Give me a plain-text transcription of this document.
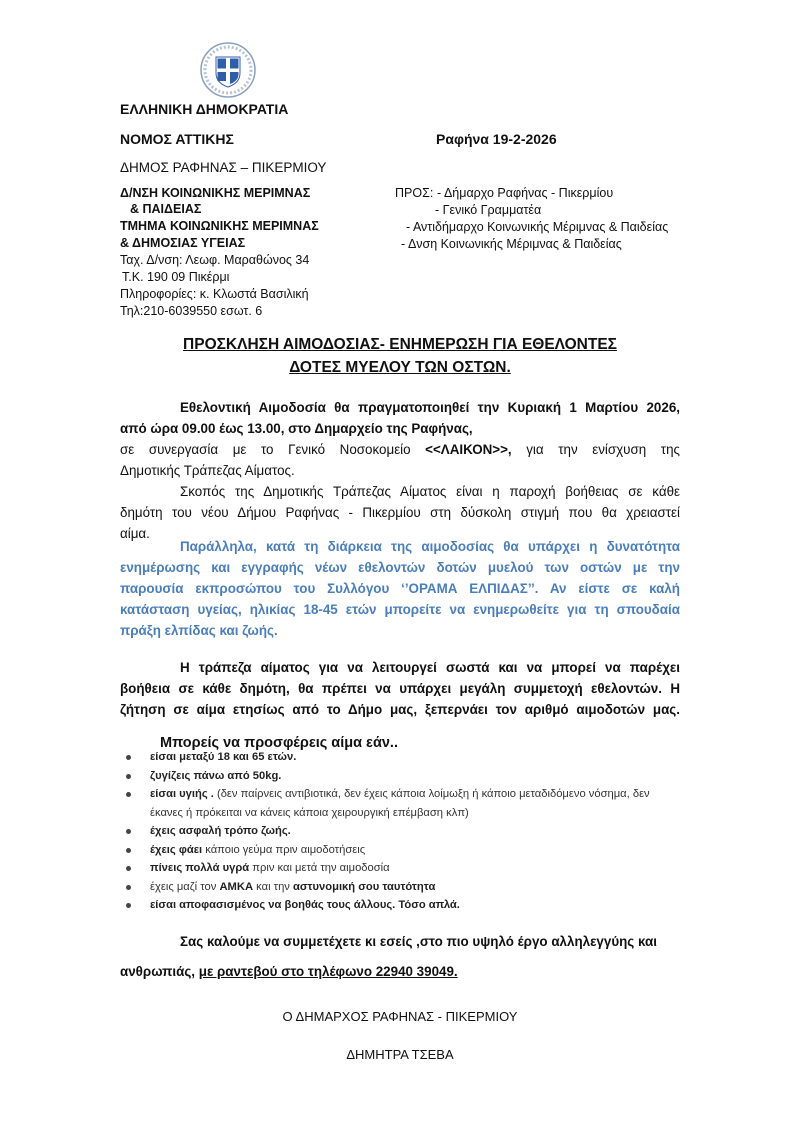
ΕΛΛΗΝΙΚΗ ΔΗΜΟΚΡΑΤΙΑ
ΝΟΜΟΣ ΑΤΤΙΚΗΣ
ΔΗΜΟΣ ΡΑΦΗΝΑΣ – ΠΙΚΕΡΜΙΟΥ
Ραφήνα 19-2-2026
Δ/ΝΣΗ ΚΟΙΝΩΝΙΚΗΣ ΜΕΡΙΜΝΑΣ
& ΠΑΙΔΕΙΑΣ
ΤΜΗΜΑ ΚΟΙΝΩΝΙΚΗΣ ΜΕΡΙΜΝΑΣ
& ΔΗΜΟΣΙΑΣ ΥΓΕΙΑΣ
Ταχ. Δ/νση: Λεωφ. Μαραθώνος 34
Τ.Κ. 190 09 Πικέρμι
Πληροφορίες: κ. Κλωστά Βασιλική
Τηλ:210-6039550 εσωτ. 6
ΠΡΟΣ: - Δήμαρχο Ραφήνας - Πικερμίου
- Γενικό Γραμματέα
- Αντιδήμαρχο Κοινωνικής Μέριμνας & Παιδείας
- Δνση Κοινωνικής Μέριμνας & Παιδείας
ΠΡΟΣΚΛΗΣΗ ΑΙΜΟΔΟΣΙΑΣ- ΕΝΗΜΕΡΩΣΗ ΓΙΑ ΕΘΕΛΟΝΤΕΣ
ΔΟΤΕΣ ΜΥΕΛΟΥ ΤΩΝ ΟΣΤΩΝ.
Εθελοντική Αιμοδοσία θα πραγματοποιηθεί την Κυριακή 1 Μαρτίου 2026,
από ώρα 09.00 έως 13.00, στο Δημαρχείο της Ραφήνας,
σε συνεργασία με το Γενικό Νοσοκομείο <<ΛΑΙΚΟΝ>>, για την ενίσχυση της
Δημοτικής Τράπεζας Αίματος.
Σκοπός της Δημοτικής Τράπεζας Αίματος είναι η παροχή βοήθειας σε κάθε
δημότη του νέου Δήμου Ραφήνας - Πικερμίου στη δύσκολη στιγμή που θα χρειαστεί
αίμα.
Παράλληλα, κατά τη διάρκεια της αιμοδοσίας θα υπάρχει η δυνατότητα
ενημέρωσης και εγγραφής νέων εθελοντών δοτών μυελού των οστών με την
παρουσία εκπροσώπου του Συλλόγου ‘’ΟΡΑΜΑ ΕΛΠΙΔΑΣ’’. Αν είστε σε καλή
κατάσταση υγείας, ηλικίας 18-45 ετών μπορείτε να ενημερωθείτε για τη σπουδαία
πράξη ελπίδας και ζωής.
Η τράπεζα αίματος για να λειτουργεί σωστά και να μπορεί να παρέχει
βοήθεια σε κάθε δημότη, θα πρέπει να υπάρχει μεγάλη συμμετοχή εθελοντών. Η
ζήτηση σε αίμα ετησίως από το Δήμο μας, ξεπερνάει τον αριθμό αιμοδοτών μας.
Μπορείς να προσφέρεις αίμα εάν..
είσαι μεταξύ 18 και 65 ετών.
ζυγίζεις πάνω από 50kg.
είσαι υγιής . (δεν παίρνεις αντιβιοτικά, δεν έχεις κάποια λοίμωξη ή κάποιο μεταδιδόμενο νόσημα, δεν
έκανες ή πρόκειται να κάνεις κάποια χειρουργική επέμβαση κλπ)
έχεις ασφαλή τρόπο ζωής.
έχεις φάει κάποιο γεύμα πριν αιμοδοτήσεις
πίνεις πολλά υγρά πριν και μετά την αιμοδοσία
έχεις μαζί τον ΑΜΚΑ και την αστυνομική σου ταυτότητα
είσαι αποφασισμένος να βοηθάς τους άλλους. Τόσο απλά.
Σας καλούμε να συμμετέχετε κι εσείς ,στο πιο υψηλό έργο αλληλεγγύης και
ανθρωπιάς, με ραντεβού στο τηλέφωνο 22940 39049.
Ο ΔΗΜΑΡΧΟΣ ΡΑΦΗΝΑΣ - ΠΙΚΕΡΜΙΟΥ
ΔΗΜΗΤΡΑ ΤΣΕΒΑ
